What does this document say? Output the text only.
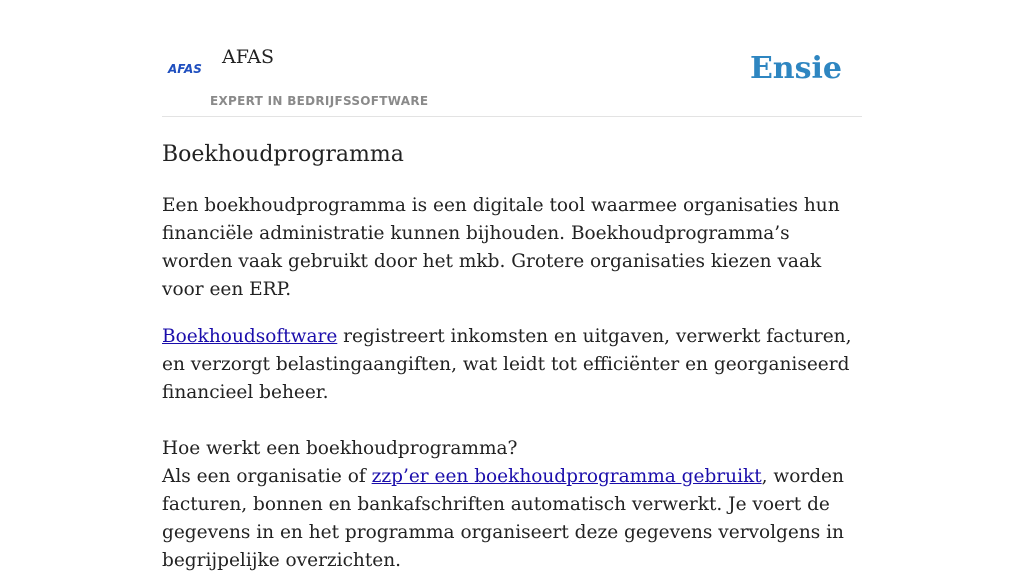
AFAS
AFAS
EXPERT IN BEDRIJFSSOFTWARE
Ensie
Boekhoudprogramma

Een boekhoudprogramma is een digitale tool waarmee organisaties hun financiële administratie kunnen bijhouden. Boekhoudprogramma’s worden vaak gebruikt door het mkb. Grotere organisaties kiezen vaak voor een ERP.

Boekhoudsoftware registreert inkomsten en uitgaven, verwerkt facturen, en verzorgt belastingaangiften, wat leidt tot efficiënter en georganiseerd financieel beheer.

Hoe werkt een boekhoudprogramma?

Als een organisatie of zzp’er een boekhoudprogramma gebruikt, worden facturen, bonnen en bankafschriften automatisch verwerkt. Je voert de gegevens in en het programma organiseert deze gegevens vervolgens in begrijpelijke overzichten.
